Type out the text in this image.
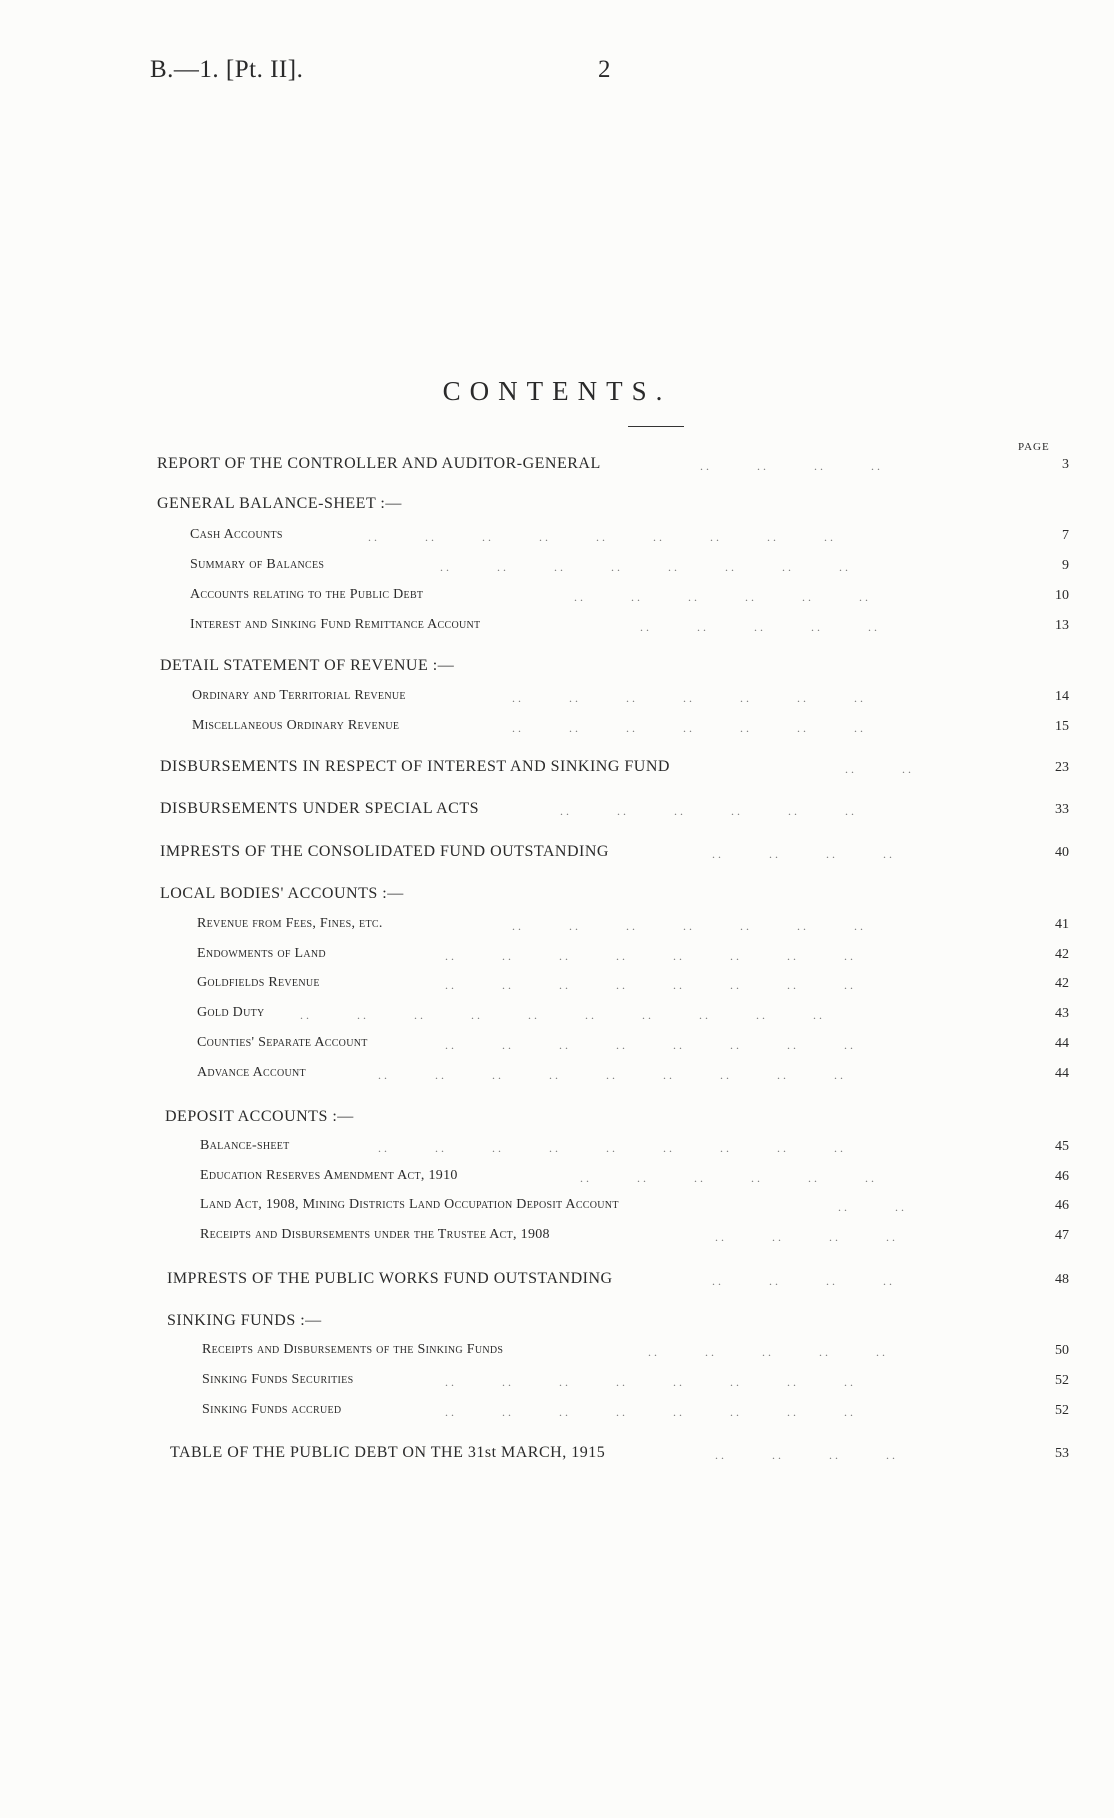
B.—1. [Pt. II].	2
CONTENTS.
PAGE
REPORT OF THE CONTROLLER AND AUDITOR-GENERAL	. .    . .    . .    . .	3
GENERAL BALANCE-SHEET :—
Cash Accounts	. .    . .    . .    . .    . .    . .    . .    . .    . .	7
Summary of Balances	. .    . .    . .    . .    . .    . .    . .    . .	9
Accounts relating to the Public Debt	. .    . .    . .    . .    . .    . .	10
Interest and Sinking Fund Remittance Account	. .    . .    . .    . .    . .	13
DETAIL STATEMENT OF REVENUE :—
Ordinary and Territorial Revenue	. .    . .    . .    . .    . .    . .    . .	14
Miscellaneous Ordinary Revenue	. .    . .    . .    . .    . .    . .    . .	15
DISBURSEMENTS IN RESPECT OF INTEREST AND SINKING FUND	. .    . .	23
DISBURSEMENTS UNDER SPECIAL ACTS	. .    . .    . .    . .    . .    . .	33
IMPRESTS OF THE CONSOLIDATED FUND OUTSTANDING	. .    . .    . .    . .	40
LOCAL BODIES' ACCOUNTS :—
Revenue from Fees, Fines, etc.	. .    . .    . .    . .    . .    . .    . .	41
Endowments of Land	. .    . .    . .    . .    . .    . .    . .    . .	42
Goldfields Revenue	. .    . .    . .    . .    . .    . .    . .    . .	42
Gold Duty	. .    . .    . .    . .    . .    . .    . .    . .    . .    . .	43
Counties' Separate Account	. .    . .    . .    . .    . .    . .    . .    . .	44
Advance Account	. .    . .    . .    . .    . .    . .    . .    . .    . .	44
DEPOSIT ACCOUNTS :—
Balance-sheet	. .    . .    . .    . .    . .    . .    . .    . .    . .	45
Education Reserves Amendment Act, 1910	. .    . .    . .    . .    . .    . .	46
Land Act, 1908, Mining Districts Land Occupation Deposit Account	. .    . .	46
Receipts and Disbursements under the Trustee Act, 1908	. .    . .    . .    . .	47
IMPRESTS OF THE PUBLIC WORKS FUND OUTSTANDING	. .    . .    . .    . .	48
SINKING FUNDS :—
Receipts and Disbursements of the Sinking Funds	. .    . .    . .    . .    . .	50
Sinking Funds Securities	. .    . .    . .    . .    . .    . .    . .    . .	52
Sinking Funds accrued	. .    . .    . .    . .    . .    . .    . .    . .	52
TABLE OF THE PUBLIC DEBT ON THE 31st MARCH, 1915	. .    . .    . .    . .	53
